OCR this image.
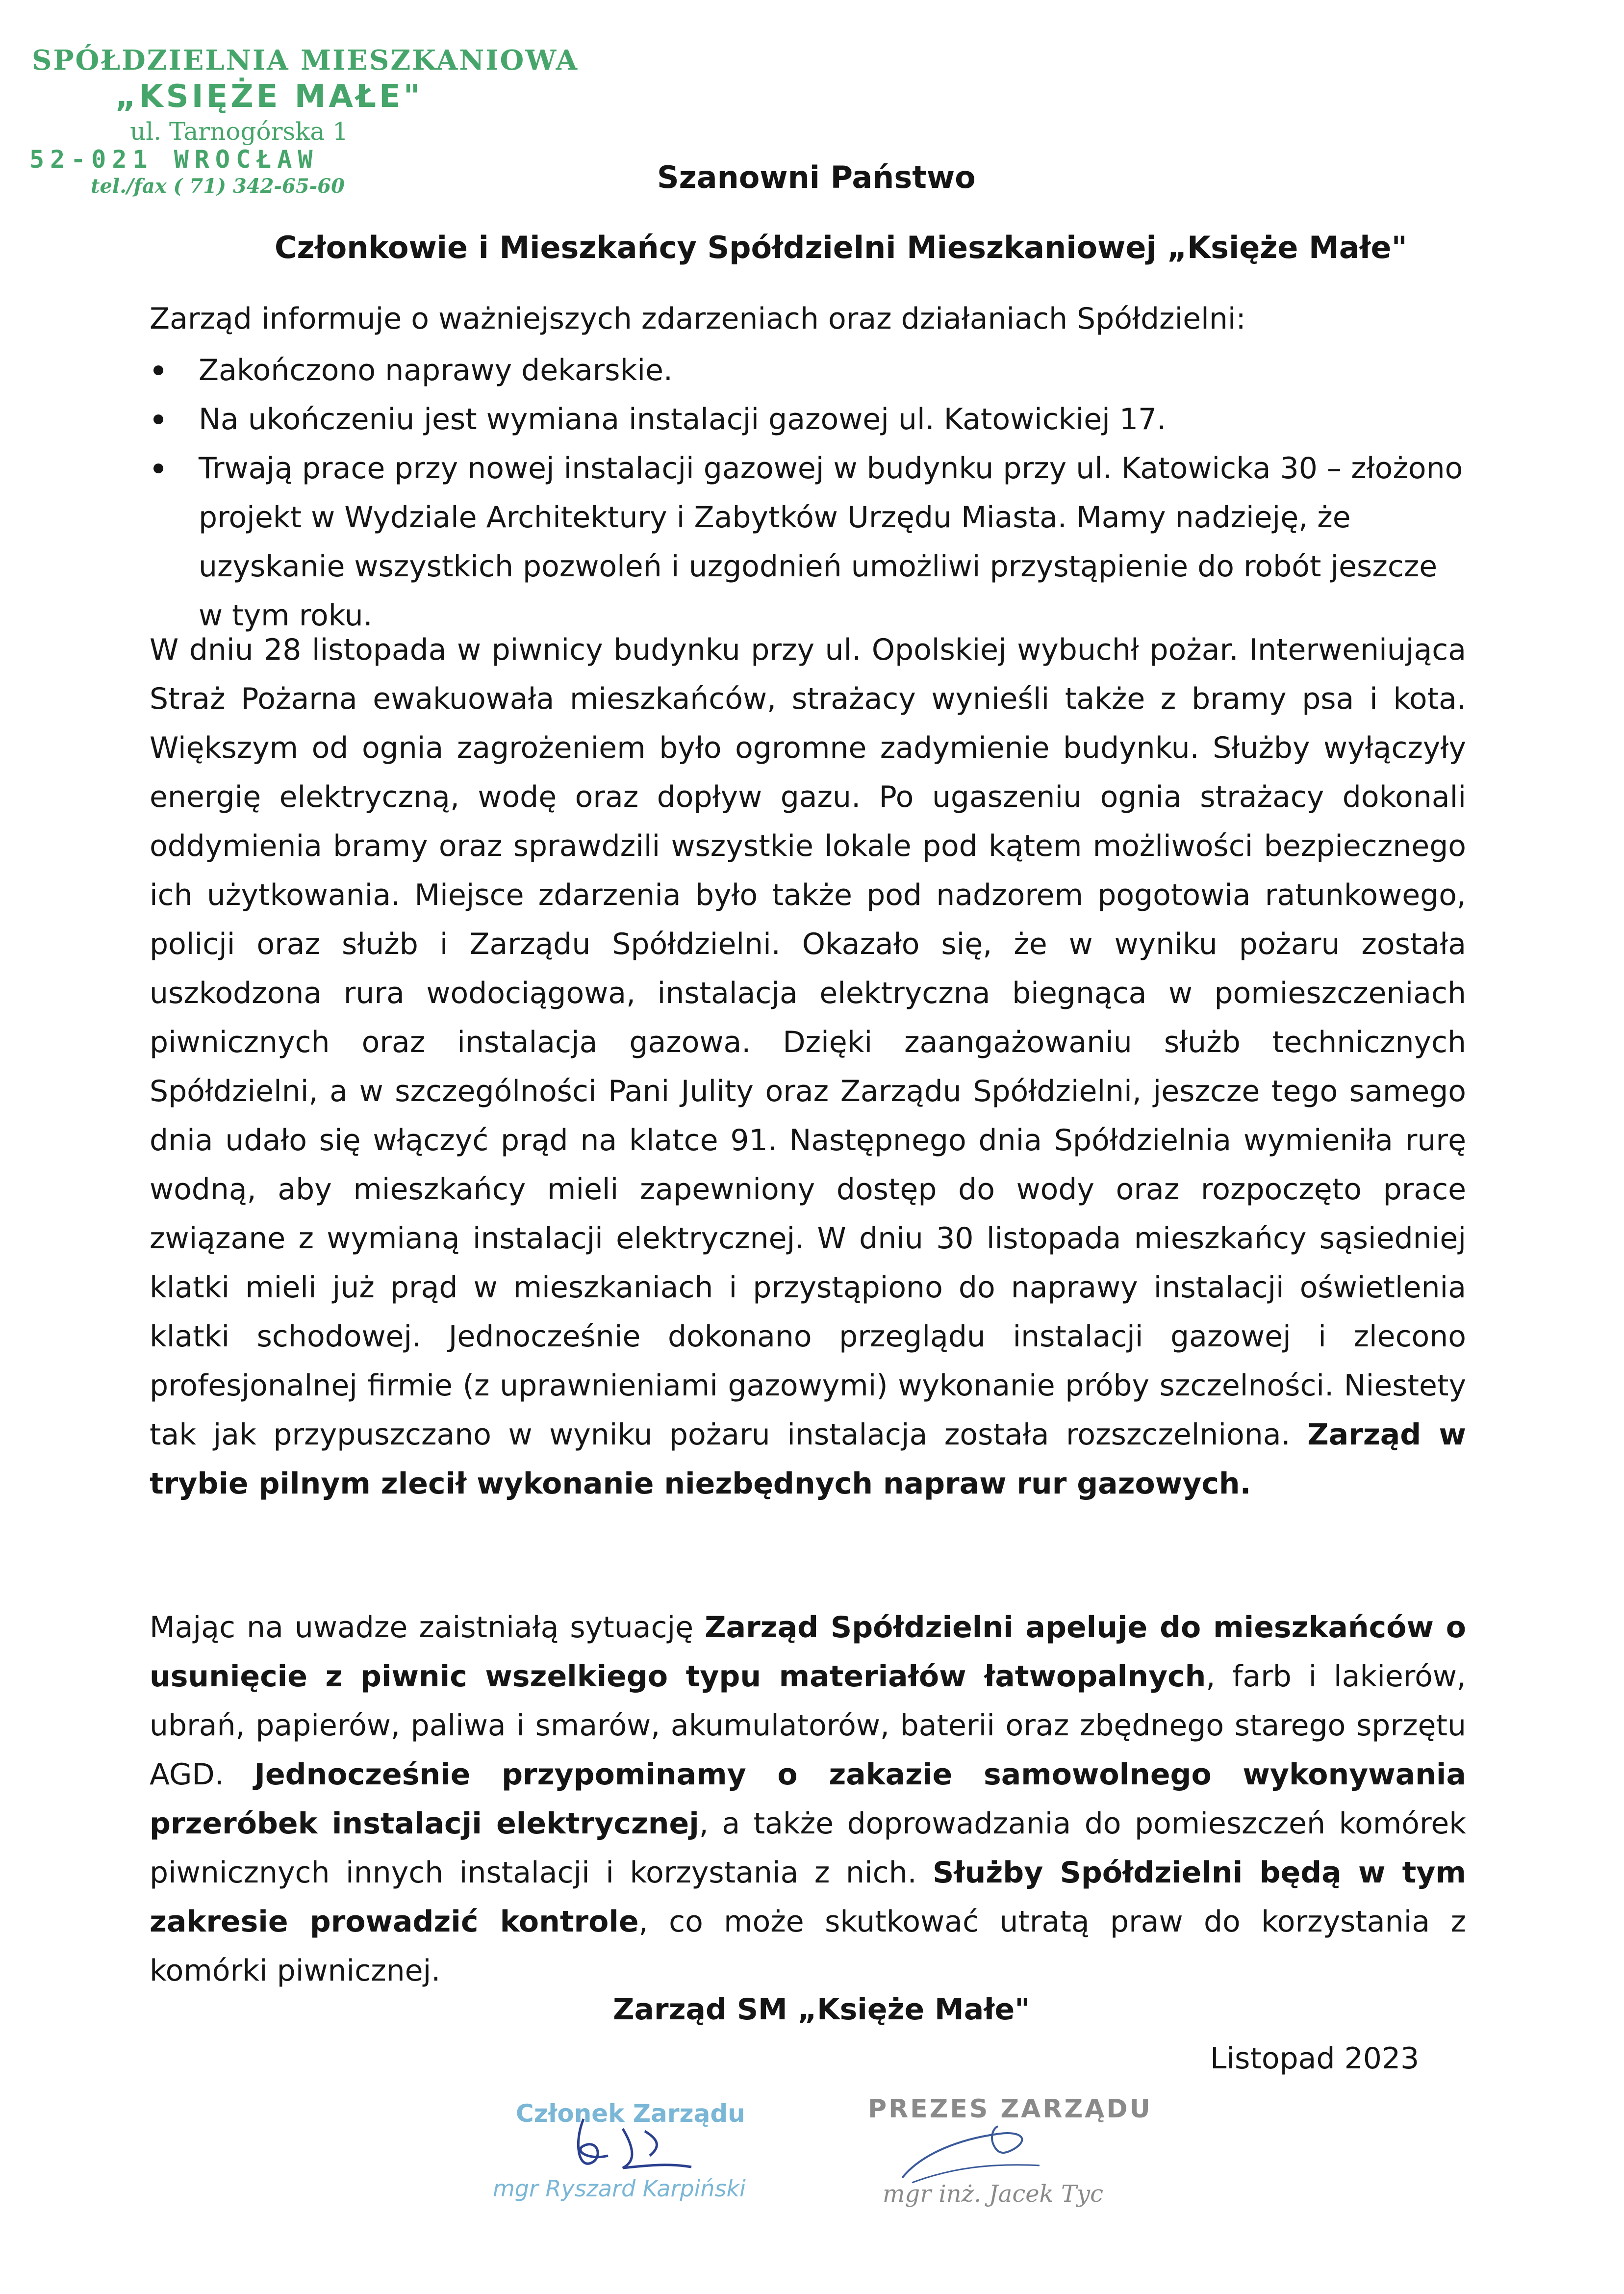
SPÓŁDZIELNIA MIESZKANIOWA
„KSIĘŻE MAŁE"
ul. Tarnogórska 1
52-021 WROCŁAW
tel./fax ( 71) 342-65-60	Szanowni Państwo
Członkowie i Mieszkańcy Spółdzielni Mieszkaniowej „Księże Małe"
Zarząd informuje o ważniejszych zdarzeniach oraz działaniach Spółdzielni:
Zakończono naprawy dekarskie.
Na ukończeniu jest wymiana instalacji gazowej ul. Katowickiej 17.
Trwają prace przy nowej instalacji gazowej w budynku przy ul. Katowicka 30 – złożono projekt w Wydziale Architektury i Zabytków Urzędu Miasta. Mamy nadzieję, że uzyskanie wszystkich pozwoleń i uzgodnień umożliwi przystąpienie do robót jeszcze w tym roku.
W dniu 28 listopada w piwnicy budynku przy ul. Opolskiej wybuchł pożar. Interweniująca Straż Pożarna ewakuowała mieszkańców, strażacy wynieśli także z bramy psa i kota. Większym od ognia zagrożeniem było ogromne zadymienie budynku. Służby wyłączyły energię elektryczną, wodę oraz dopływ gazu. Po ugaszeniu ognia strażacy dokonali oddymienia bramy oraz sprawdzili wszystkie lokale pod kątem możliwości bezpiecznego ich użytkowania. Miejsce zdarzenia było także pod nadzorem pogotowia ratunkowego, policji oraz służb i Zarządu Spółdzielni. Okazało się, że w wyniku pożaru została uszkodzona rura wodociągowa, instalacja elektryczna biegnąca w pomieszczeniach piwnicznych oraz instalacja gazowa. Dzięki zaangażowaniu służb technicznych Spółdzielni, a w szczególności Pani Julity oraz Zarządu Spółdzielni, jeszcze tego samego dnia udało się włączyć prąd na klatce 91. Następnego dnia Spółdzielnia wymieniła rurę wodną, aby mieszkańcy mieli zapewniony dostęp do wody oraz rozpoczęto prace związane z wymianą instalacji elektrycznej. W dniu 30 listopada mieszkańcy sąsiedniej klatki mieli już prąd w mieszkaniach i przystąpiono do naprawy instalacji oświetlenia klatki schodowej. Jednocześnie dokonano przeglądu instalacji gazowej i zlecono profesjonalnej firmie (z uprawnieniami gazowymi) wykonanie próby szczelności. Niestety tak jak przypuszczano w wyniku pożaru instalacja została rozszczelniona. Zarząd w trybie pilnym zlecił wykonanie niezbędnych napraw rur gazowych.
Mając na uwadze zaistniałą sytuację Zarząd Spółdzielni apeluje do mieszkańców o usunięcie z piwnic wszelkiego typu materiałów łatwopalnych, farb i lakierów, ubrań, papierów, paliwa i smarów, akumulatorów, baterii oraz zbędnego starego sprzętu AGD. Jednocześnie przypominamy o zakazie samowolnego wykonywania przeróbek instalacji elektrycznej, a także doprowadzania do pomieszczeń komórek piwnicznych innych instalacji i korzystania z nich. Służby Spółdzielni będą w tym zakresie prowadzić kontrole, co może skutkować utratą praw do korzystania z komórki piwnicznej.
Zarząd SM „Księże Małe"
Listopad 2023
Członek Zarządu
mgr Ryszard Karpiński
PREZES ZARZĄDU
mgr inż. Jacek Tyc
